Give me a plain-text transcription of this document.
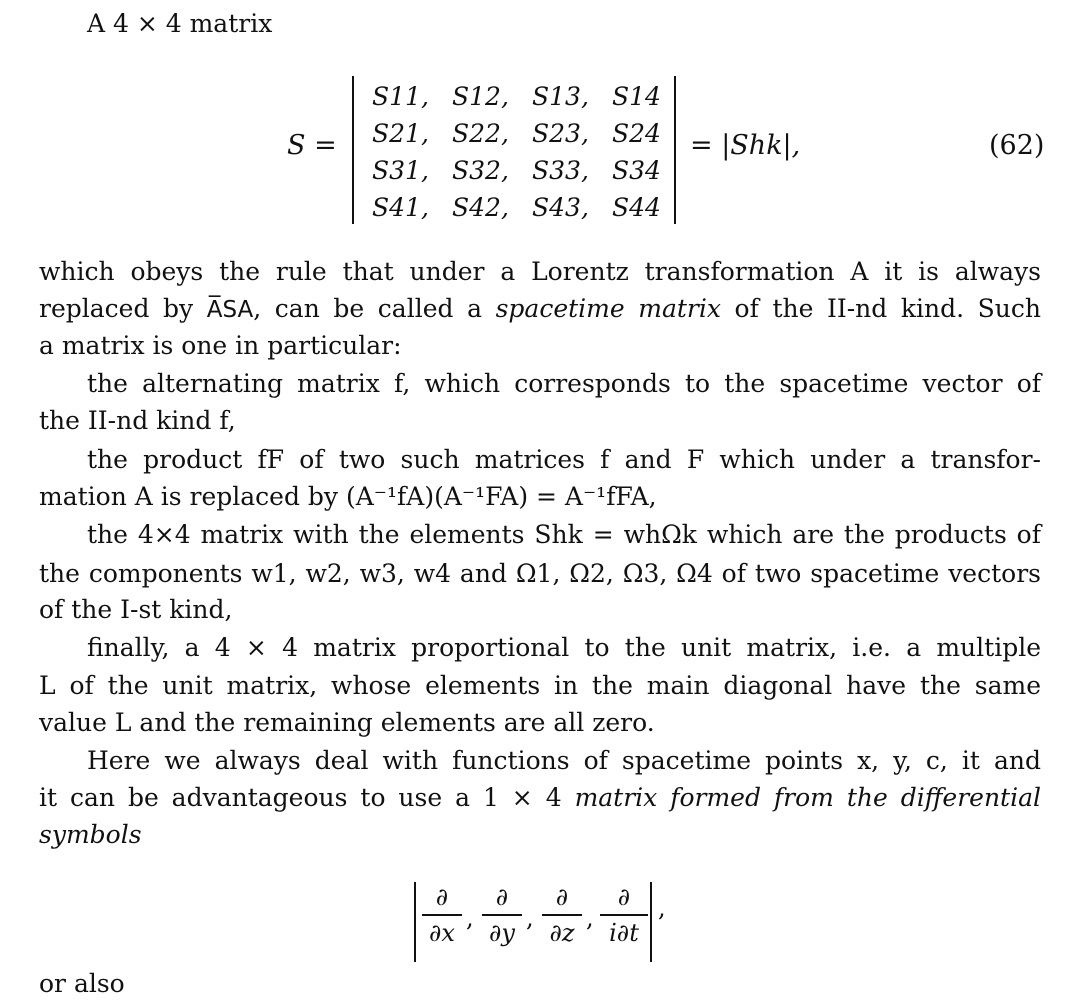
A 4 × 4 matrix
S =
S11, S12, S13, S14
S21, S22, S23, S24
S31, S32, S33, S34
S41, S42, S43, S44
= |Shk|,	(62)
which obeys the rule that under a Lorentz transformation A it is always
replaced by A̅SA, can be called a spacetime matrix of the II-nd kind. Such
a matrix is one in particular:
the alternating matrix f, which corresponds to the spacetime vector of
the II-nd kind f,
the product fF of two such matrices f and F which under a transfor-
mation A is replaced by (A⁻¹fA)(A⁻¹FA) = A⁻¹fFA,
the 4×4 matrix with the elements Shk = whΩk which are the products of
the components w1, w2, w3, w4 and Ω1, Ω2, Ω3, Ω4 of two spacetime vectors
of the I-st kind,
finally, a 4 × 4 matrix proportional to the unit matrix, i.e. a multiple
L of the unit matrix, whose elements in the main diagonal have the same
value L and the remaining elements are all zero.
Here we always deal with functions of spacetime points x, y, c, it and
it can be advantageous to use a 1 × 4 matrix formed from the differential
symbols
∂
∂x
,
∂
∂y
,
∂
∂z
,
∂
i∂t
,
or also
